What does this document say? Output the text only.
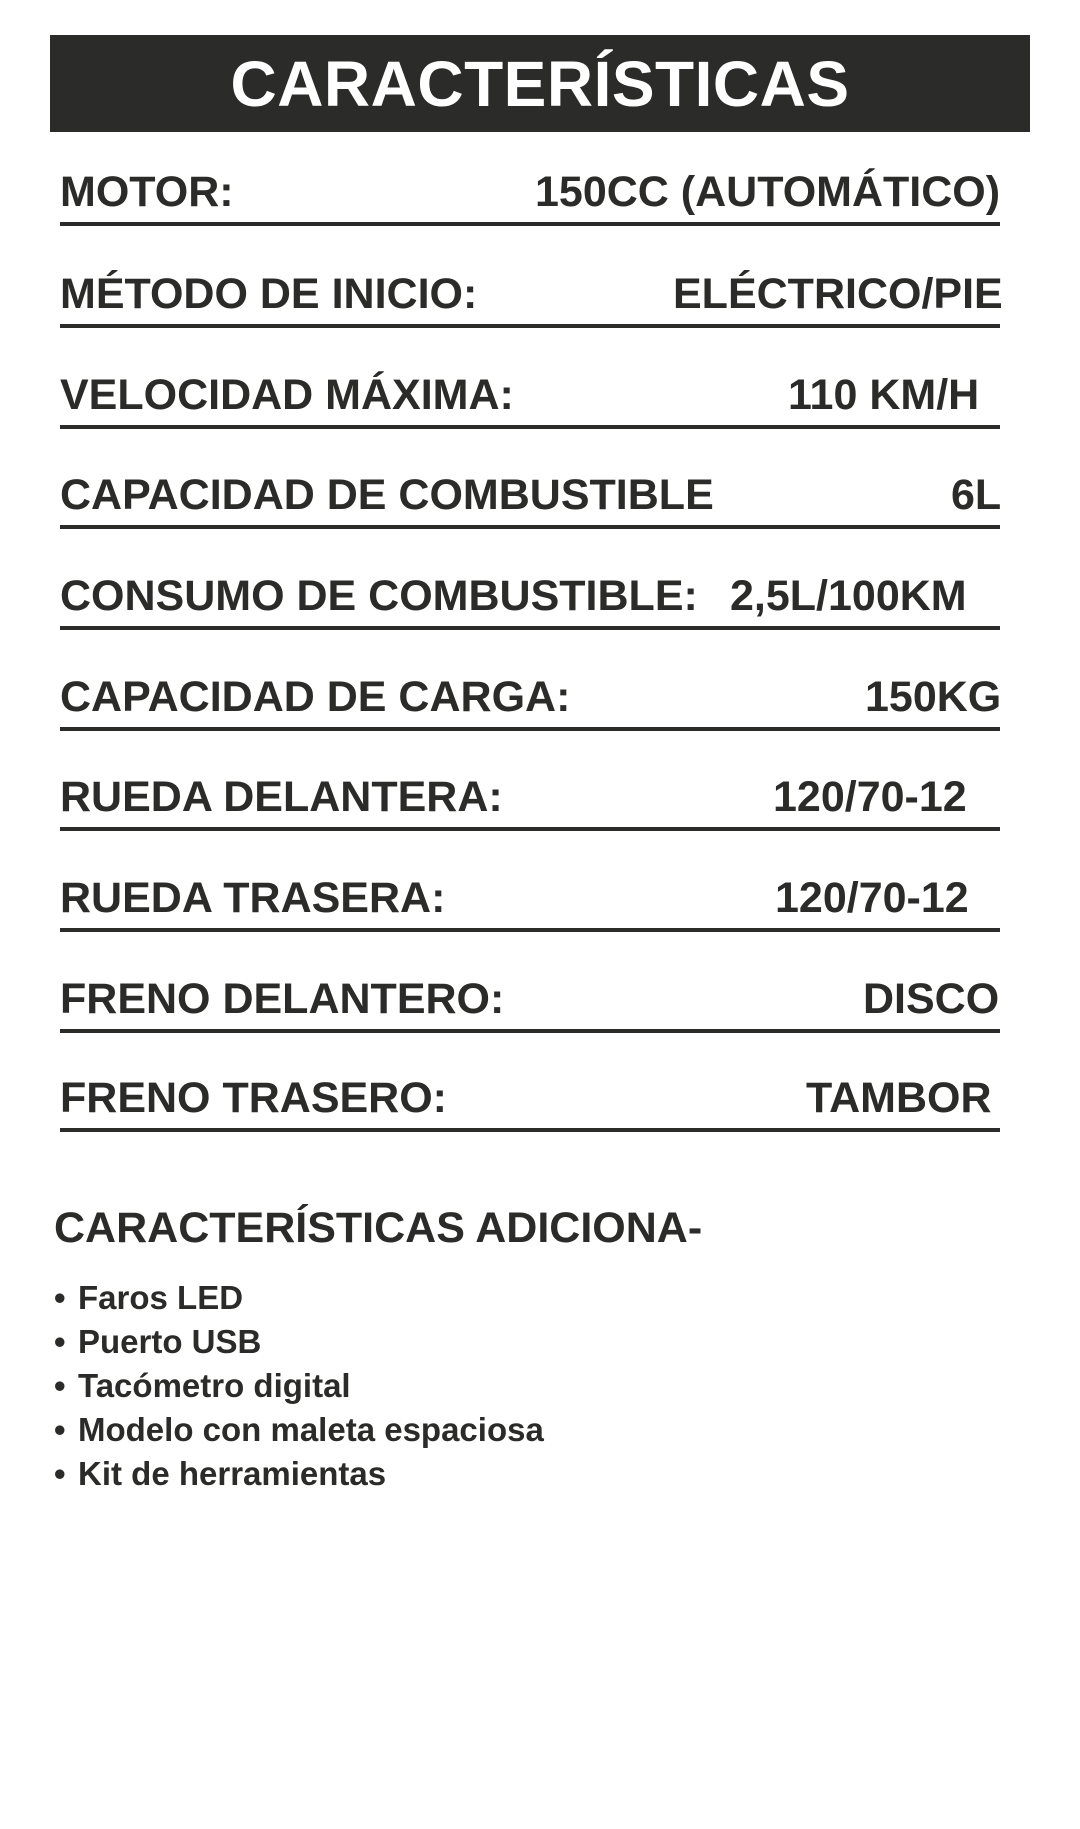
CARACTERÍSTICAS
MOTOR:	150CC (AUTOMÁTICO)
MÉTODO DE INICIO:	ELÉCTRICO/PIE
VELOCIDAD MÁXIMA:	110 KM/H
CAPACIDAD DE COMBUSTIBLE	6L
CONSUMO DE COMBUSTIBLE: 2,5L/100KM
CAPACIDAD DE CARGA:	150KG
RUEDA DELANTERA:	120/70-12
RUEDA TRASERA:	120/70-12
FRENO DELANTERO:	DISCO
FRENO TRASERO:	TAMBOR
CARACTERÍSTICAS ADICIONA-
• Faros LED
• Puerto USB
• Tacómetro digital
• Modelo con maleta espaciosa
• Kit de herramientas
